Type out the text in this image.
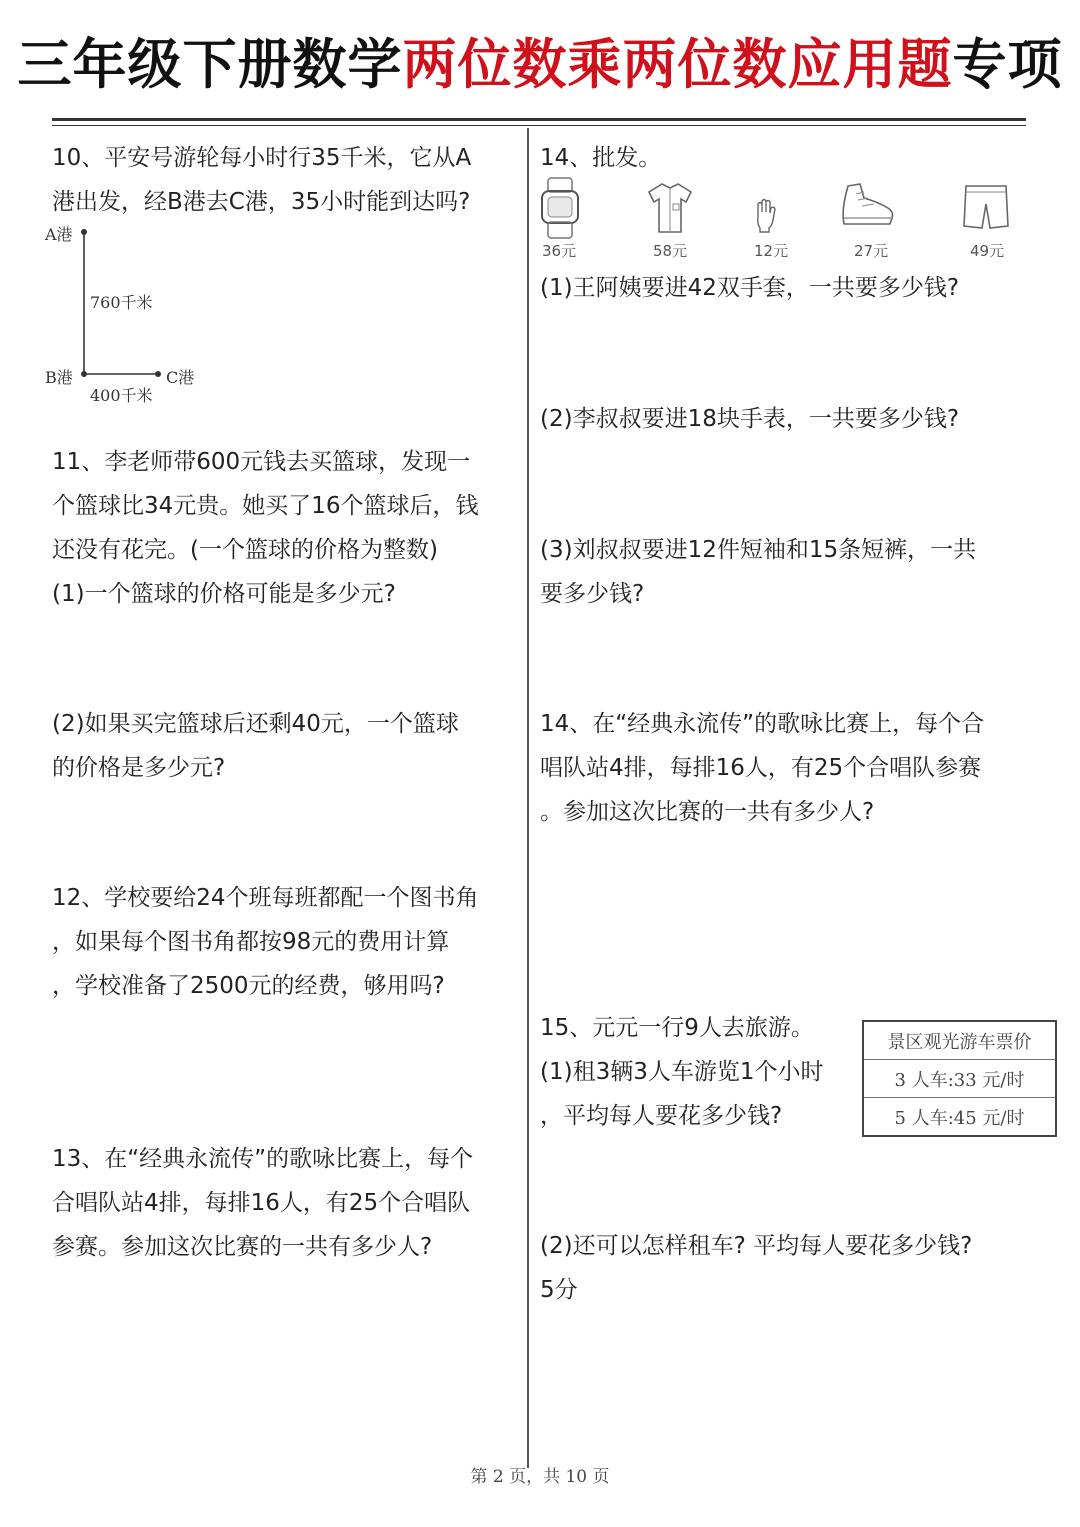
三年级下册数学两位数乘两位数应用题专项
10、平安号游轮每小时行35千米，它从A
港出发，经B港去C港，35小时能到达吗?
A港
760千米
B港	C港
400千米
11、李老师带600元钱去买篮球，发现一
个篮球比34元贵。她买了16个篮球后，钱
还没有花完。(一个篮球的价格为整数)
(1)一个篮球的价格可能是多少元?
(2)如果买完篮球后还剩40元，一个篮球
的价格是多少元?
12、学校要给24个班每班都配一个图书角
，如果每个图书角都按98元的费用计算
，学校准备了2500元的经费，够用吗?
13、在“经典永流传”的歌咏比赛上，每个
合唱队站4排，每排16人，有25个合唱队
参赛。参加这次比赛的一共有多少人?
14、批发。
36元	58元	12元	27元	49元
(1)王阿姨要进42双手套，一共要多少钱?
(2)李叔叔要进18块手表，一共要多少钱?
(3)刘叔叔要进12件短袖和15条短裤，一共
要多少钱?
14、在“经典永流传”的歌咏比赛上，每个合
唱队站4排，每排16人，有25个合唱队参赛
。参加这次比赛的一共有多少人?
15、元元一行9人去旅游。
(1)租3辆3人车游览1个小时
，平均每人要花多少钱?
景区观光游车票价
3 人车:33 元/时
5 人车:45 元/时
(2)还可以怎样租车? 平均每人要花多少钱?
5分
第 2 页，共 10 页
